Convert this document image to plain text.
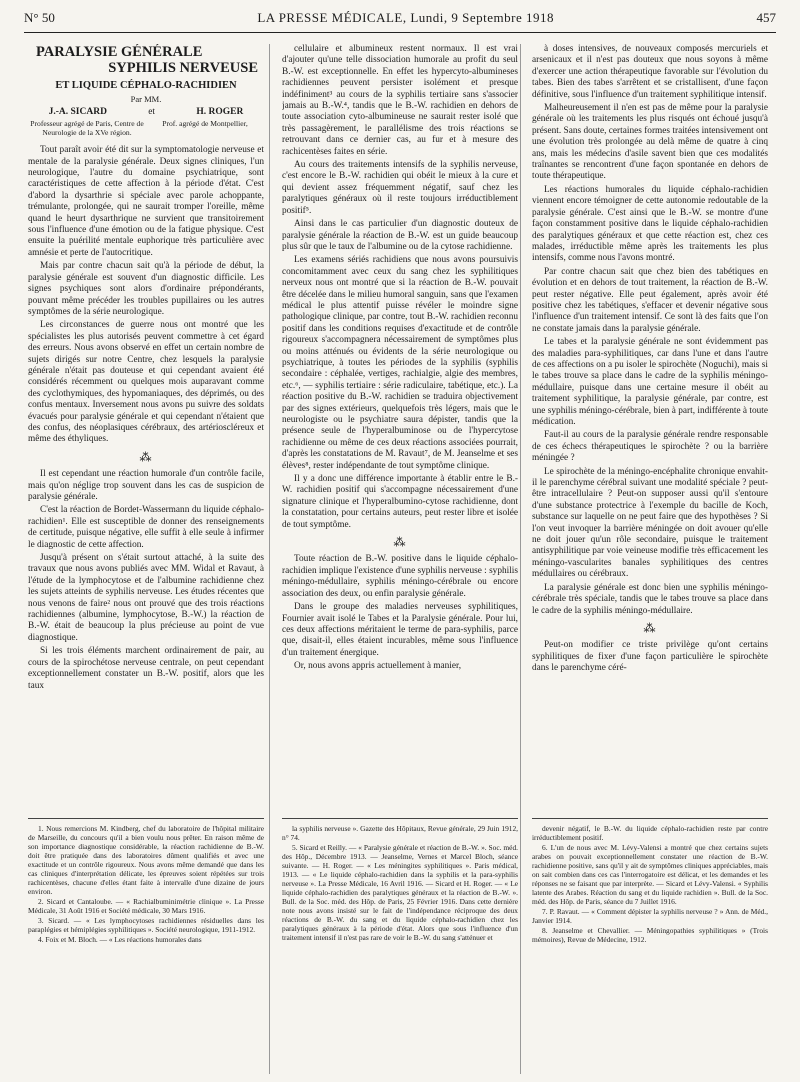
N° 50	LA PRESSE MÉDICALE, Lundi, 9 Septembre 1918	457
PARALYSIE GÉNÉRALE
SYPHILIS NERVEUSE
ET LIQUIDE CÉPHALO-RACHIDIEN
Par MM.
J.-A. SICARD	et	H. ROGER
Professeur agrégé de Paris, Centre de Neurologie de la XVe région.
Prof. agrégé de Montpellier,

Tout paraît avoir été dit sur la symptomatologie nerveuse et mentale de la paralysie générale. Deux signes cliniques, l'un neurologique, l'autre du domaine psychiatrique, sont caractéristiques de cette affection à la période d'état. C'est d'abord la dysarthrie si spéciale avec parole achoppante, trémulante, prolongée, qui ne saurait tromper l'oreille, même quand le heurt dysarthrique ne survient que transitoirement sous l'influence d'une émotion ou de la fatigue physique. C'est ensuite la puérilité mentale euphorique très particulière avec amnésie et perte de l'autocritique.

Mais par contre chacun sait qu'à la période de début, la paralysie générale est souvent d'un diagnostic difficile. Les signes psychiques sont alors d'ordinaire prépondérants, pouvant même précéder les troubles pupillaires ou les autres symptômes de la série neurologique.

Les circonstances de guerre nous ont montré que les spécialistes les plus autorisés peuvent commettre à cet égard des erreurs. Nous avons observé en effet un certain nombre de sujets dirigés sur notre Centre, chez lesquels la paralysie générale n'était pas douteuse et qui cependant avaient été considérés récemment ou quelques mois auparavant comme des cyclothymiques, des hypomaniaques, des déprimés, ou des confus mentaux. Inversement nous avons pu suivre des soldats évacués pour paralysie générale et qui cependant n'étaient que des confus, des néoplasiques cérébraux, des artérioscléreux et même des éthyliques.

⁂

Il est cependant une réaction humorale d'un contrôle facile, mais qu'on néglige trop souvent dans les cas de suspicion de paralysie générale.

C'est la réaction de Bordet-Wassermann du liquide céphalo-rachidien¹. Elle est susceptible de donner des renseignements de certitude, puisque négative, elle suffit à elle seule à infirmer le diagnostic de cette affection.

Jusqu'à présent on s'était surtout attaché, à la suite des travaux que nous avons publiés avec MM. Widal et Ravaut, à l'étude de la lymphocytose et de l'albumine rachidienne chez les sujets atteints de syphilis nerveuse. Les études récentes que nous venons de faire² nous ont prouvé que des trois réactions rachidiennes (albumine, lymphocytose, B.-W.) la réaction de B.-W. était de beaucoup la plus précieuse au point de vue diagnostique.

Si les trois éléments marchent ordinairement de pair, au cours de la spirochétose nerveuse centrale, on peut cependant exceptionnellement constater un B.-W. positif, alors que les taux

cellulaire et albumineux restent normaux. Il est vrai d'ajouter qu'une telle dissociation humorale au profit du seul B.-W. est exceptionnelle. En effet les hypercyto-albumineses rachidiennes peuvent persister isolément et presque indéfiniment³ au cours de la syphilis tertiaire sans s'associer jamais au B.-W.⁴, tandis que le B.-W. rachidien en dehors de toute association cyto-albumineuse ne saurait rester isolé que très passagèrement, le parallélisme des trois réactions se retrouvant dans ce dernier cas, au fur et à mesure des rachicentèses faites en série.

Au cours des traitements intensifs de la syphilis nerveuse, c'est encore le B.-W. rachidien qui obéit le mieux à la cure et qui devient assez fréquemment négatif, sauf chez les paralytiques généraux où il reste toujours irréductiblement positif⁵.

Ainsi dans le cas particulier d'un diagnostic douteux de paralysie générale la réaction de B.-W. est un guide beaucoup plus sûr que le taux de l'albumine ou de la cytose rachidienne.

Les examens sériés rachidiens que nous avons poursuivis concomitamment avec ceux du sang chez les syphilitiques nerveux nous ont montré que si la réaction de B.-W. pouvait être décelée dans le milieu humoral sanguin, sans que l'examen médical le plus attentif puisse révéler le moindre signe pathologique clinique, par contre, tout B.-W. rachidien reconnu positif dans les conditions requises d'exactitude et de contrôle rigoureux s'accompagnera nécessairement de symptômes plus ou moins atténués ou évidents de la série neurologique ou psychiatrique, à toutes les périodes de la syphilis (syphilis secondaire : céphalée, vertiges, rachialgie, algie des membres, etc.⁶, — syphilis tertiaire : série radiculaire, tabétique, etc.). La réaction positive du B.-W. rachidien se traduira objectivement par des signes extérieurs, quelquefois très légers, mais que le neurologiste ou le psychiatre saura dépister, tandis que la présence seule de l'hyperalbuminose ou de l'hypercytose rachidienne ou même de ces deux réactions associées pourrait, d'après les constatations de M. Ravaut⁷, de M. Jeanselme et ses élèves⁸, rester indépendante de tout symptôme clinique.

Il y a donc une différence importante à établir entre le B.-W. rachidien positif qui s'accompagne nécessairement d'une signature clinique et l'hyperalbumino-cytose rachidienne, dont la constatation, pour certains auteurs, peut rester libre et isolée de tout symptôme.

⁂

Toute réaction de B.-W. positive dans le liquide céphalo-rachidien implique l'existence d'une syphilis nerveuse : syphilis méningo-médullaire, syphilis méningo-cérébrale ou encore association des deux, ou enfin paralysie générale.

Dans le groupe des maladies nerveuses syphilitiques, Fournier avait isolé le Tabes et la Paralysie générale. Pour lui, ces deux affections méritaient le terme de para-syphilis, parce que, disait-il, elles étaient incurables, même sous l'influence d'un traitement énergique.

Or, nous avons appris actuellement à manier,

à doses intensives, de nouveaux composés mercuriels et arsenicaux et il n'est pas douteux que nous soyons à même d'exercer une action thérapeutique favorable sur l'évolution du tabes. Bien des tabes s'arrêtent et se cristallisent, d'une façon définitive, sous l'influence d'un traitement syphilitique intensif.

Malheureusement il n'en est pas de même pour la paralysie générale où les traitements les plus risqués ont échoué jusqu'à présent. Sans doute, certaines formes traitées intensivement ont une évolution très prolongée au delà même de quatre à cinq ans, mais les médecins d'asile savent bien que ces modalités traînantes se rencontrent d'une façon spontanée en dehors de toute thérapeutique.

Les réactions humorales du liquide céphalo-rachidien viennent encore témoigner de cette autonomie redoutable de la paralysie générale. C'est ainsi que le B.-W. se montre d'une façon constamment positive dans le liquide céphalo-rachidien des paralytiques généraux et que cette réaction est, chez ces malades, irréductible même après les traitements les plus intensifs, comme nous l'avons montré.

Par contre chacun sait que chez bien des tabétiques en évolution et en dehors de tout traitement, la réaction de B.-W. peut rester négative. Elle peut également, après avoir été positive chez les tabétiques, s'effacer et devenir négative sous l'influence d'un traitement intensif. Ce sont là des faits que l'on ne constate jamais dans la paralysie générale.

Le tabes et la paralysie générale ne sont évidemment pas des maladies para-syphilitiques, car dans l'une et dans l'autre de ces affections on a pu isoler le spirochète (Noguchi), mais si le tabes trouve sa place dans le cadre de la syphilis méningo-médullaire, puisque dans une certaine mesure il obéit au traitement syphilitique, la paralysie générale, par contre, est une syphilis méningo-cérébrale, bien à part, indifférente à toute médication.

Faut-il au cours de la paralysie générale rendre responsable de ces échecs thérapeutiques le spirochète ? ou la barrière méningée ?

Le spirochète de la méningo-encéphalite chronique envahit-il le parenchyme cérébral suivant une modalité spéciale ? peut-être intracellulaire ? Peut-on supposer aussi qu'il s'entoure d'une substance protectrice à l'exemple du bacille de Koch, substance sur laquelle on ne peut faire que des hypothèses ? Si l'on veut invoquer la barrière méningée on doit avouer qu'elle ne doit jouer qu'un rôle secondaire, puisque le traitement antisyphilitique par voie veineuse modifie très efficacement les méningo-vascularites banales syphilitiques des centres médullaires ou cérébraux.

La paralysie générale est donc bien une syphilis méningo-cérébrale très spéciale, tandis que le tabes trouve sa place dans le cadre de la syphilis méningo-médullaire.

⁂

Peut-on modifier ce triste privilège qu'ont certains syphilitiques de fixer d'une façon particulière le spirochète dans le parenchyme céré-

1. Nous remercions M. Kindberg, chef du laboratoire de l'hôpital militaire de Marseille, du concours qu'il a bien voulu nous prêter. En raison même de son importance diagnostique considérable, la réaction rachidienne de B.-W. doit être pratiquée dans des laboratoires dûment qualifiés et avec une exactitude et un contrôle rigoureux. Nous avons même demandé que dans les cas cliniques d'interprétation délicate, les épreuves soient répétées sur trois rachicentèses, chacune d'elles étant faite à intervalle d'une dizaine de jours environ.

2. Sicard et Cantaloube. — « Rachialbuminimétrie clinique ». La Presse Médicale, 31 Août 1916 et Société médicale, 30 Mars 1916.

3. Sicard. — « Les lymphocytoses rachidiennes résiduelles dans les paraplégies et hémiplégies syphilitiques ». Société neurologique, 1911-1912.

4. Foix et M. Bloch. — « Les réactions humorales dans

la syphilis nerveuse ». Gazette des Hôpitaux, Revue générale, 29 Juin 1912, n° 74.

5. Sicard et Reilly. — « Paralysie générale et réaction de B.-W. ». Soc. méd. des Hôp., Décembre 1913. — Jeanselme, Vernes et Marcel Bloch, séance suivante. — H. Roger. — « Les méningites syphilitiques ». Paris médical, 1913. — « Le liquide céphalo-rachidien dans la syphilis et la para-syphilis nerveuse ». La Presse Médicale, 16 Avril 1916. — Sicard et H. Roger. — « Le liquide céphalo-rachidien des paralytiques généraux et la réaction de B.-W. ». Bull. de la Soc. méd. des Hôp. de Paris, 25 Février 1916. Dans cette dernière note nous avons insisté sur le fait de l'indépendance réciproque des deux réactions de B.-W. du sang et du liquide céphalo-rachidien chez les paralytiques généraux à la période d'état. Alors que sous l'influence d'un traitement intensif il n'est pas rare de voir le B.-W. du sang s'atténuer et

devenir négatif, le B.-W. du liquide céphalo-rachidien reste par contre irréductiblement positif.

6. L'un de nous avec M. Lévy-Valensi a montré que chez certains sujets arabes on pouvait exceptionnellement constater une réaction de B.-W. rachidienne positive, sans qu'il y ait de symptômes cliniques appréciables, mais on sait combien dans ces cas l'interrogatoire est délicat, et les demandes et les réponses ne se faisant que par interprète. — Sicard et Lévy-Valensi. « Syphilis latente des Arabes. Réaction du sang et du liquide rachidien ». Bull. de la Soc. méd. des Hôp. de Paris, séance du 7 Juillet 1916.

7. P. Ravaut. — « Comment dépister la syphilis nerveuse ? » Ann. de Méd., Janvier 1914.

8. Jeanselme et Chevallier. — Méningopathies syphilitiques » (Trois mémoires), Revue de Médecine, 1912.
